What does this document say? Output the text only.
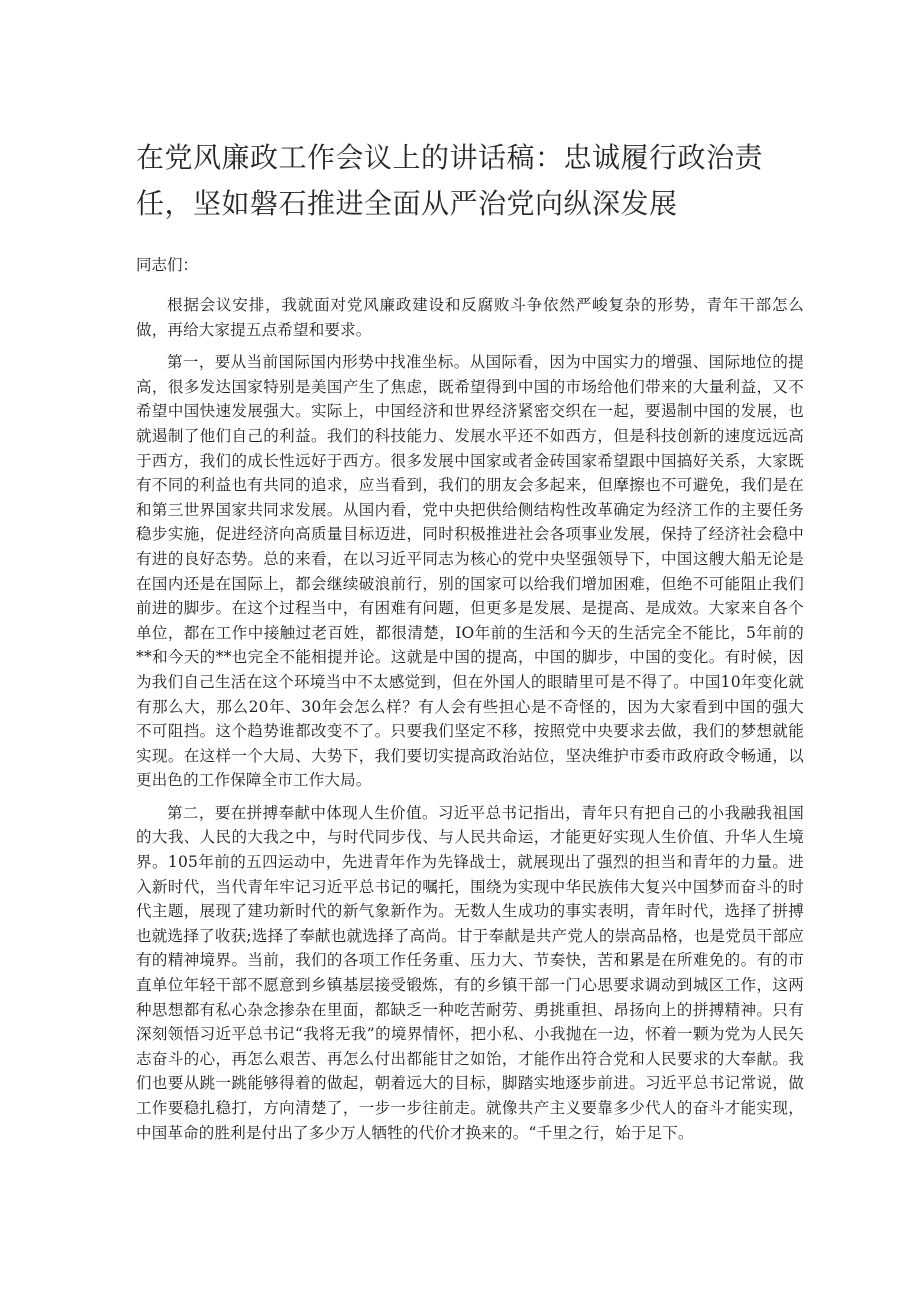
在党风廉政工作会议上的讲话稿：忠诚履行政治责任，坚如磐石推进全面从严治党向纵深发展

同志们：

根据会议安排，我就面对党风廉政建设和反腐败斗争依然严峻复杂的形势，青年干部怎么做，再给大家提五点希望和要求。

第一，要从当前国际国内形势中找准坐标。从国际看，因为中国实力的增强、国际地位的提高，很多发达国家特别是美国产生了焦虑，既希望得到中国的市场给他们带来的大量利益，又不希望中国快速发展强大。实际上，中国经济和世界经济紧密交织在一起，要遏制中国的发展，也就遏制了他们自己的利益。我们的科技能力、发展水平还不如西方，但是科技创新的速度远远高于西方，我们的成长性远好于西方。很多发展中国家或者金砖国家希望跟中国搞好关系，大家既有不同的利益也有共同的追求，应当看到，我们的朋友会多起来，但摩擦也不可避免，我们是在和第三世界国家共同求发展。从国内看，党中央把供给侧结构性改革确定为经济工作的主要任务稳步实施，促进经济向高质量目标迈进，同时积极推进社会各项事业发展，保持了经济社会稳中有进的良好态势。总的来看，在以习近平同志为核心的党中央坚强领导下，中国这艘大船无论是在国内还是在国际上，都会继续破浪前行，别的国家可以给我们增加困难，但绝不可能阻止我们前进的脚步。在这个过程当中，有困难有问题，但更多是发展、是提高、是成效。大家来自各个单位，都在工作中接触过老百姓，都很清楚，IO年前的生活和今天的生活完全不能比，5年前的**和今天的**也完全不能相提并论。这就是中国的提高，中国的脚步，中国的变化。有时候，因为我们自己生活在这个环境当中不太感觉到，但在外国人的眼睛里可是不得了。中国10年变化就有那么大，那么20年、30年会怎么样？有人会有些担心是不奇怪的，因为大家看到中国的强大不可阻挡。这个趋势谁都改变不了。只要我们坚定不移，按照党中央要求去做，我们的梦想就能实现。在这样一个大局、大势下，我们要切实提高政治站位，坚决维护市委市政府政令畅通，以更出色的工作保障全市工作大局。

第二，要在拼搏奉献中体现人生价值。习近平总书记指出，青年只有把自己的小我融我祖国的大我、人民的大我之中，与时代同步伐、与人民共命运，才能更好实现人生价值、升华人生境界。105年前的五四运动中，先进青年作为先锋战士，就展现出了强烈的担当和青年的力量。进入新时代，当代青年牢记习近平总书记的嘱托，围绕为实现中华民族伟大复兴中国梦而奋斗的时代主题，展现了建功新时代的新气象新作为。无数人生成功的事实表明，青年时代，选择了拼搏也就选择了收获;选择了奉献也就选择了高尚。甘于奉献是共产党人的崇高品格，也是党员干部应有的精神境界。当前，我们的各项工作任务重、压力大、节奏快，苦和累是在所难免的。有的市直单位年轻干部不愿意到乡镇基层接受锻炼，有的乡镇干部一门心思要求调动到城区工作，这两种思想都有私心杂念掺杂在里面，都缺乏一种吃苦耐劳、勇挑重担、昂扬向上的拼搏精神。只有深刻领悟习近平总书记“我将无我”的境界情怀，把小私、小我抛在一边，怀着一颗为党为人民矢志奋斗的心，再怎么艰苦、再怎么付出都能甘之如饴，才能作出符合党和人民要求的大奉献。我们也要从跳一跳能够得着的做起，朝着远大的目标，脚踏实地逐步前进。习近平总书记常说，做工作要稳扎稳打，方向清楚了，一步一步往前走。就像共产主义要靠多少代人的奋斗才能实现，中国革命的胜利是付出了多少万人牺牲的代价才换来的。“千里之行，始于足下。
